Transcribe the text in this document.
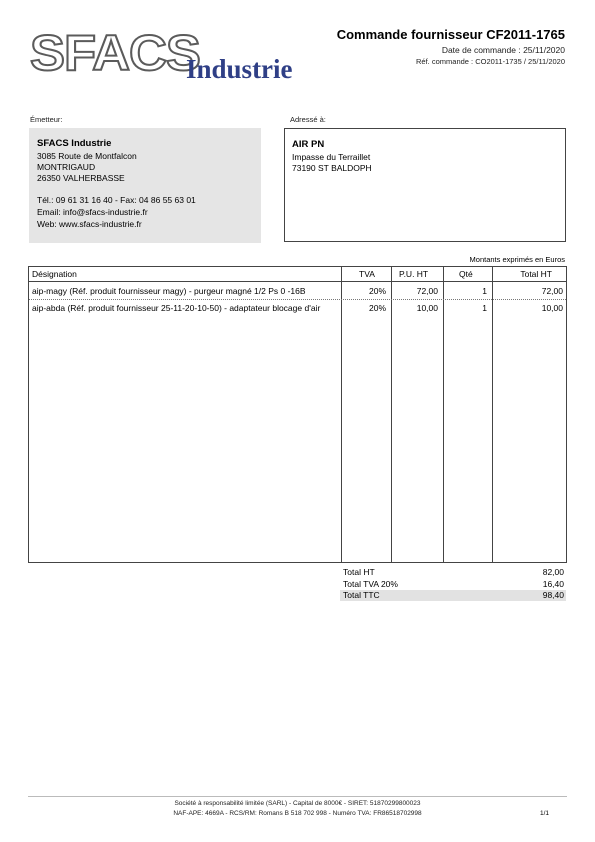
SFACS
Industrie
Commande fournisseur CF2011-1765
Date de commande : 25/11/2020
Réf. commande : CO2011-1735 / 25/11/2020
Émetteur:
SFACS Industrie
3085 Route de Montfalcon
MONTRIGAUD
26350 VALHERBASSE
Tél.: 09 61 31 16 40 - Fax: 04 86 55 63 01
Email: info@sfacs-industrie.fr
Web: www.sfacs-industrie.fr
Adressé à:
AIR PN
Impasse du Terraillet
73190 ST BALDOPH
Montants exprimés en Euros
Désignation	TVA	P.U. HT	Qté	Total HT
aip-magy (Réf. produit fournisseur magy) - purgeur magné 1/2 Ps 0 -16B	20%	72,00	1	72,00
aip-abda (Réf. produit fournisseur 25-11-20-10-50) - adaptateur blocage d'air	20%	10,00	1	10,00
Total HT	82,00
Total TVA 20%	16,40
Total TTC	98,40
Société à responsabilité limitée (SARL) - Capital de 8000€ - SIRET: 51870299800023
NAF-APE: 4669A - RCS/RM: Romans B 518 702 998 - Numéro TVA: FR86518702998	1/1
